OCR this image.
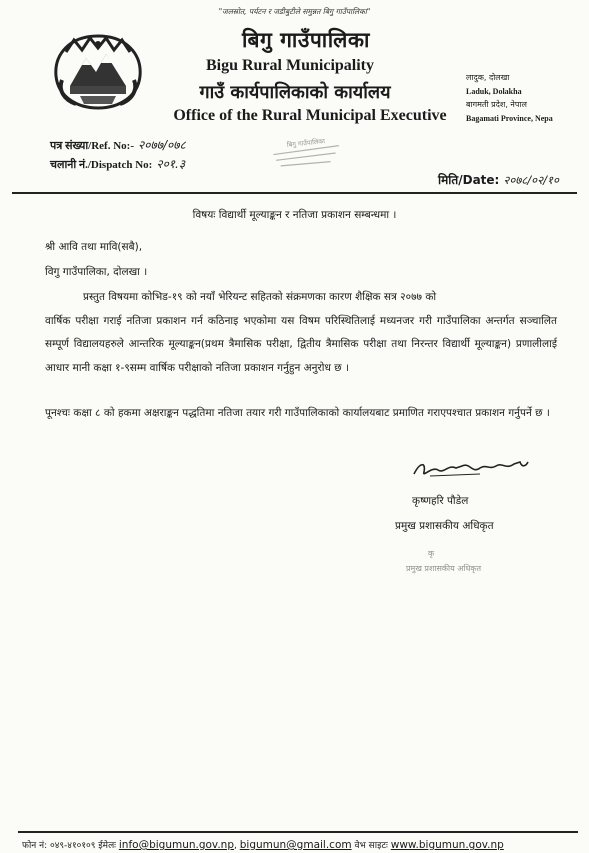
"जलस्रोत, पर्यटन र जडीबुटीले समुन्नत बिगु गाउँपालिका"
बिगु गाउँपालिका
Bigu Rural Municipality
गाउँ कार्यपालिकाको कार्यालय
Office of the Rural Municipal Executive
लादुक, दोलखा
Laduk, Dolakha
बागमती प्रदेश, नेपाल
Bagamati Province, Nepa
पत्र संख्या/Ref. No:- २०७७/०७८
चलानी नं./Dispatch No: २०१.३
बिगु गाउँपालिका
मिति/Date: २०७८/०२/१०
विषयः विद्यार्थी मूल्याङ्कन र नतिजा प्रकाशन सम्बन्धमा ।
श्री आवि तथा मावि(सबै),
विगु गाउँपालिका, दोलखा ।
प्रस्तुत विषयमा कोभिड-१९ को नयाँ भेरियन्ट सहितको संक्रमणका कारण शैक्षिक सत्र २०७७ को
वार्षिक परीक्षा गराई नतिजा प्रकाशन गर्न कठिनाइ भएकोमा यस विषम परिस्थितिलाई मध्यनजर गरी गाउँपालिका अन्तर्गत सञ्चालित सम्पूर्ण विद्यालयहरुले आन्तरिक मूल्याङ्कन(प्रथम त्रैमासिक परीक्षा, द्वितीय त्रैमासिक परीक्षा तथा निरन्तर विद्यार्थी मूल्याङ्कन) प्रणालीलाई आधार मानी कक्षा १-९सम्म वार्षिक परीक्षाको नतिजा प्रकाशन गर्नुहुन अनुरोध छ ।
पूनश्चः कक्षा ८ को हकमा अक्षराङ्कन पद्धतिमा नतिजा तयार गरी गाउँपालिकाको कार्यालयबाट प्रमाणित गराएपश्चात प्रकाशन गर्नुपर्ने छ ।
कृष्णहरि पौडेल
प्रमुख प्रशासकीय अधिकृत
कृ
प्रमुख प्रशासकीय अधिकृत
फोन नं: ०४९-४१०१०९ ईमेलः info@bigumun.gov.np, bigumun@gmail.com वेभ साइटः www.bigumun.gov.np
